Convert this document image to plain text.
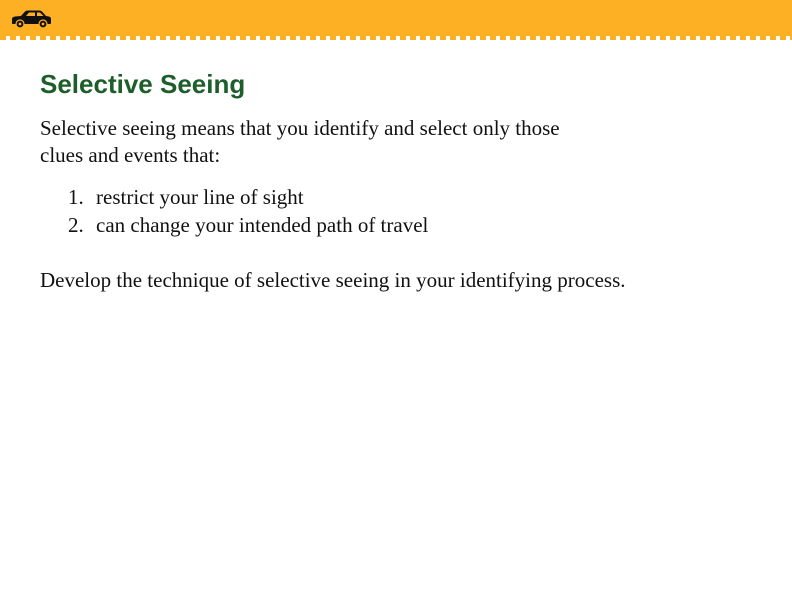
Selective Seeing

Selective seeing means that you identify and select only those clues and events that:

1. restrict your line of sight
2. can change your intended path of travel

Develop the technique of selective seeing in your identifying process.
